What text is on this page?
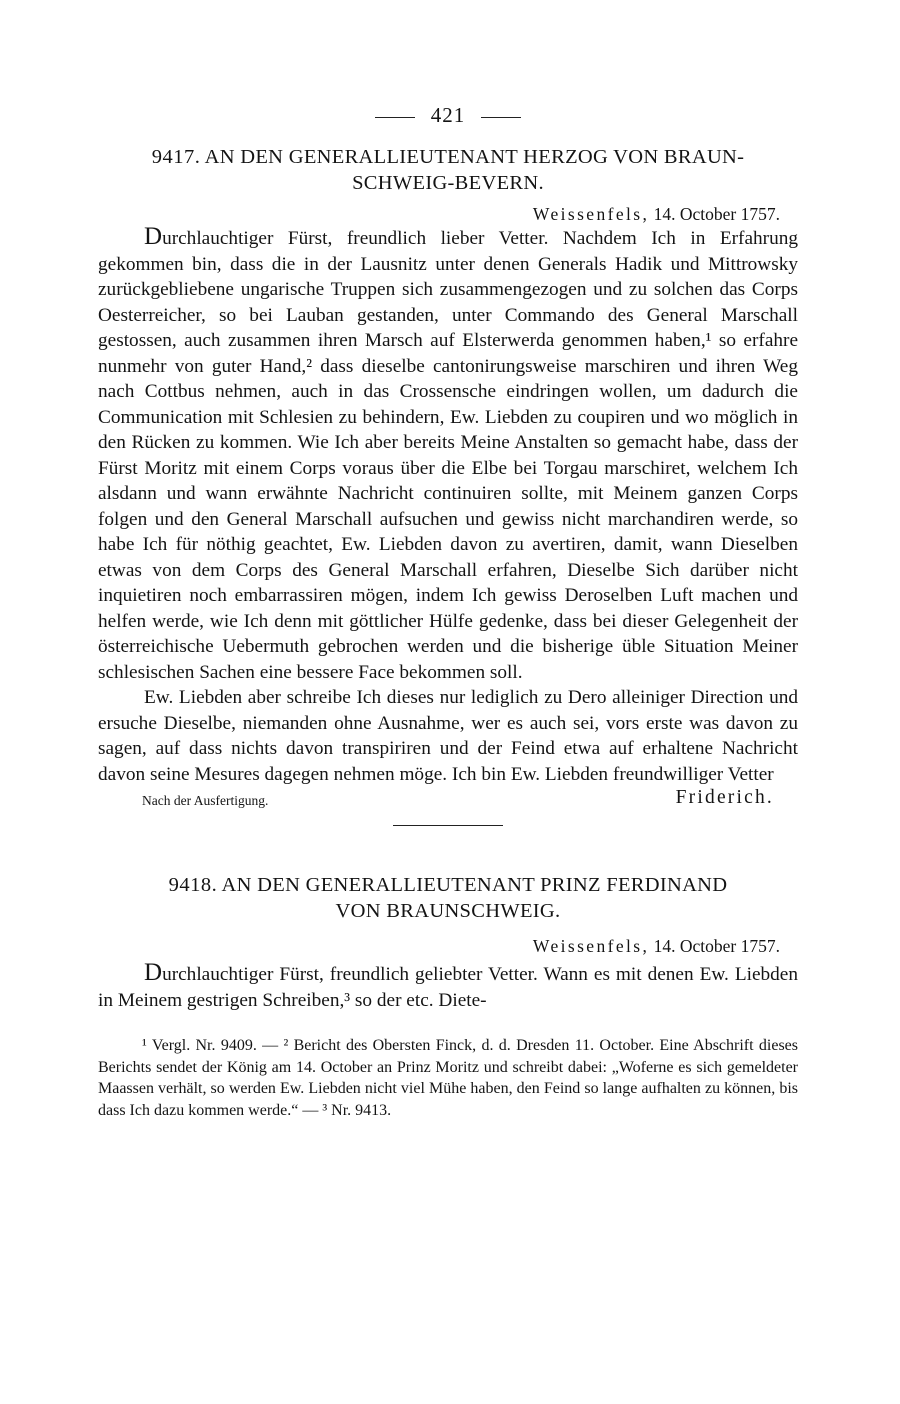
421
9417. AN DEN GENERALLIEUTENANT HERZOG VON BRAUN-
SCHWEIG-BEVERN.
Weissenfels, 14. October 1757.

Durchlauchtiger Fürst, freundlich lieber Vetter. Nachdem Ich in Erfahrung gekommen bin, dass die in der Lausnitz unter denen Generals Hadik und Mittrowsky zurückgebliebene ungarische Truppen sich zusammengezogen und zu solchen das Corps Oesterreicher, so bei Lauban gestanden, unter Commando des General Marschall gestossen, auch zusammen ihren Marsch auf Elsterwerda genommen haben,¹ so erfahre nunmehr von guter Hand,² dass dieselbe cantonirungsweise marschiren und ihren Weg nach Cottbus nehmen, auch in das Crossensche eindringen wollen, um dadurch die Communication mit Schlesien zu behindern, Ew. Liebden zu coupiren und wo möglich in den Rücken zu kommen. Wie Ich aber bereits Meine Anstalten so gemacht habe, dass der Fürst Moritz mit einem Corps voraus über die Elbe bei Torgau marschiret, welchem Ich alsdann und wann erwähnte Nachricht continuiren sollte, mit Meinem ganzen Corps folgen und den General Marschall aufsuchen und gewiss nicht marchandiren werde, so habe Ich für nöthig geachtet, Ew. Liebden davon zu avertiren, damit, wann Dieselben etwas von dem Corps des General Marschall erfahren, Dieselbe Sich darüber nicht inquietiren noch embarrassiren mögen, indem Ich gewiss Deroselben Luft machen und helfen werde, wie Ich denn mit göttlicher Hülfe gedenke, dass bei dieser Gelegenheit der österreichische Uebermuth gebrochen werden und die bisherige üble Situation Meiner schlesischen Sachen eine bessere Face bekommen soll.

Ew. Liebden aber schreibe Ich dieses nur lediglich zu Dero alleiniger Direction und ersuche Dieselbe, niemanden ohne Ausnahme, wer es auch sei, vors erste was davon zu sagen, auf dass nichts davon transpiriren und der Feind etwa auf erhaltene Nachricht davon seine Mesures dagegen nehmen möge. Ich bin Ew. Liebden freundwilliger Vetter

Nach der Ausfertigung.	Friderich.
9418. AN DEN GENERALLIEUTENANT PRINZ FERDINAND
VON BRAUNSCHWEIG.
Weissenfels, 14. October 1757.

Durchlauchtiger Fürst, freundlich geliebter Vetter. Wann es mit denen Ew. Liebden in Meinem gestrigen Schreiben,³ so der etc. Diete-

¹ Vergl. Nr. 9409. — ² Bericht des Obersten Finck, d. d. Dresden 11. October. Eine Abschrift dieses Berichts sendet der König am 14. October an Prinz Moritz und schreibt dabei: „Woferne es sich gemeldeter Maassen verhält, so werden Ew. Liebden nicht viel Mühe haben, den Feind so lange aufhalten zu können, bis dass Ich dazu kommen werde.“ — ³ Nr. 9413.
